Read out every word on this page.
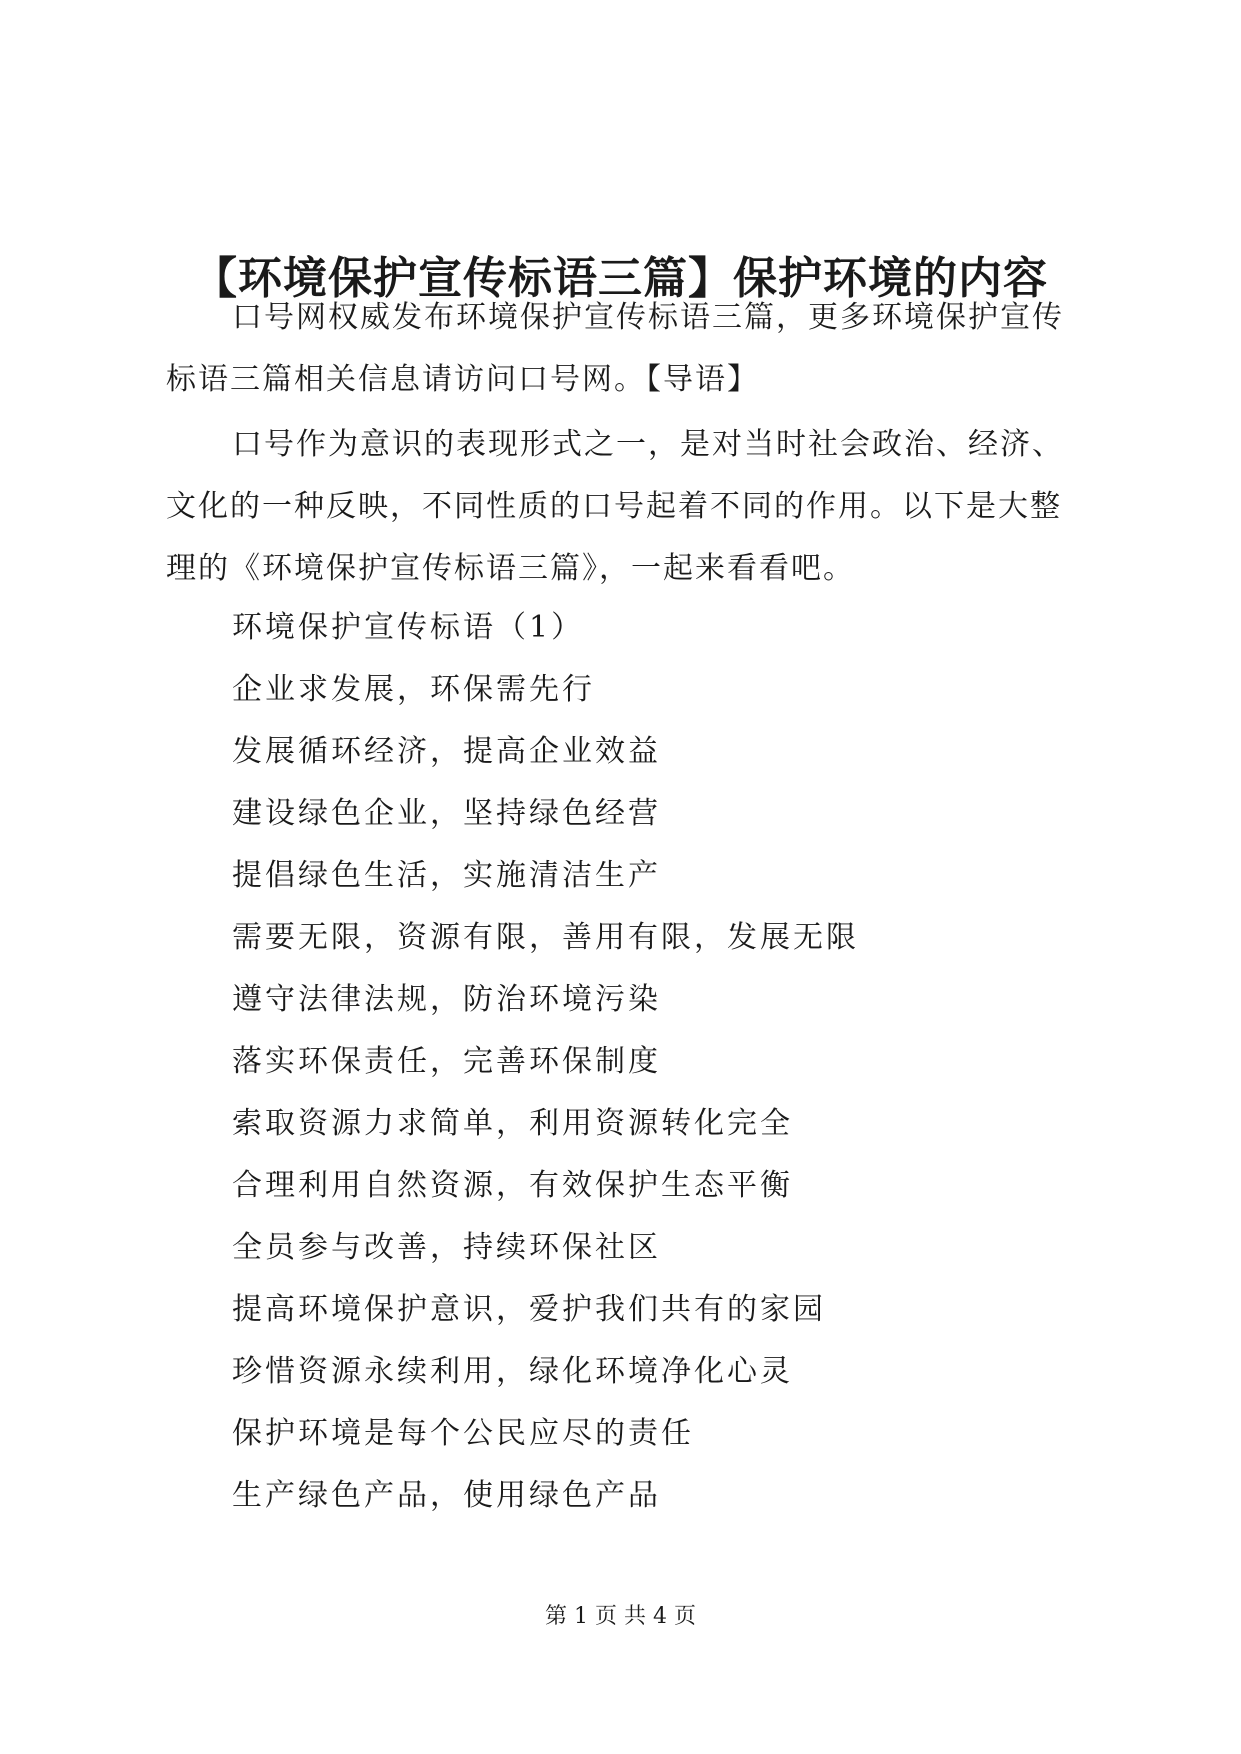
【环境保护宣传标语三篇】保护环境的内容

口号网权威发布环境保护宣传标语三篇，更多环境保护宣传标语三篇相关信息请访问口号网。【导语】

口号作为意识的表现形式之一，是对当时社会政治、经济、文化的一种反映，不同性质的口号起着不同的作用。以下是大整理的《环境保护宣传标语三篇》，一起来看看吧。

环境保护宣传标语（1）
企业求发展，环保需先行
发展循环经济，提高企业效益
建设绿色企业，坚持绿色经营
提倡绿色生活，实施清洁生产
需要无限，资源有限，善用有限，发展无限
遵守法律法规，防治环境污染
落实环保责任，完善环保制度
索取资源力求简单，利用资源转化完全
合理利用自然资源，有效保护生态平衡
全员参与改善，持续环保社区
提高环境保护意识，爱护我们共有的家园
珍惜资源永续利用，绿化环境净化心灵
保护环境是每个公民应尽的责任
生产绿色产品，使用绿色产品
第 1 页 共 4 页
